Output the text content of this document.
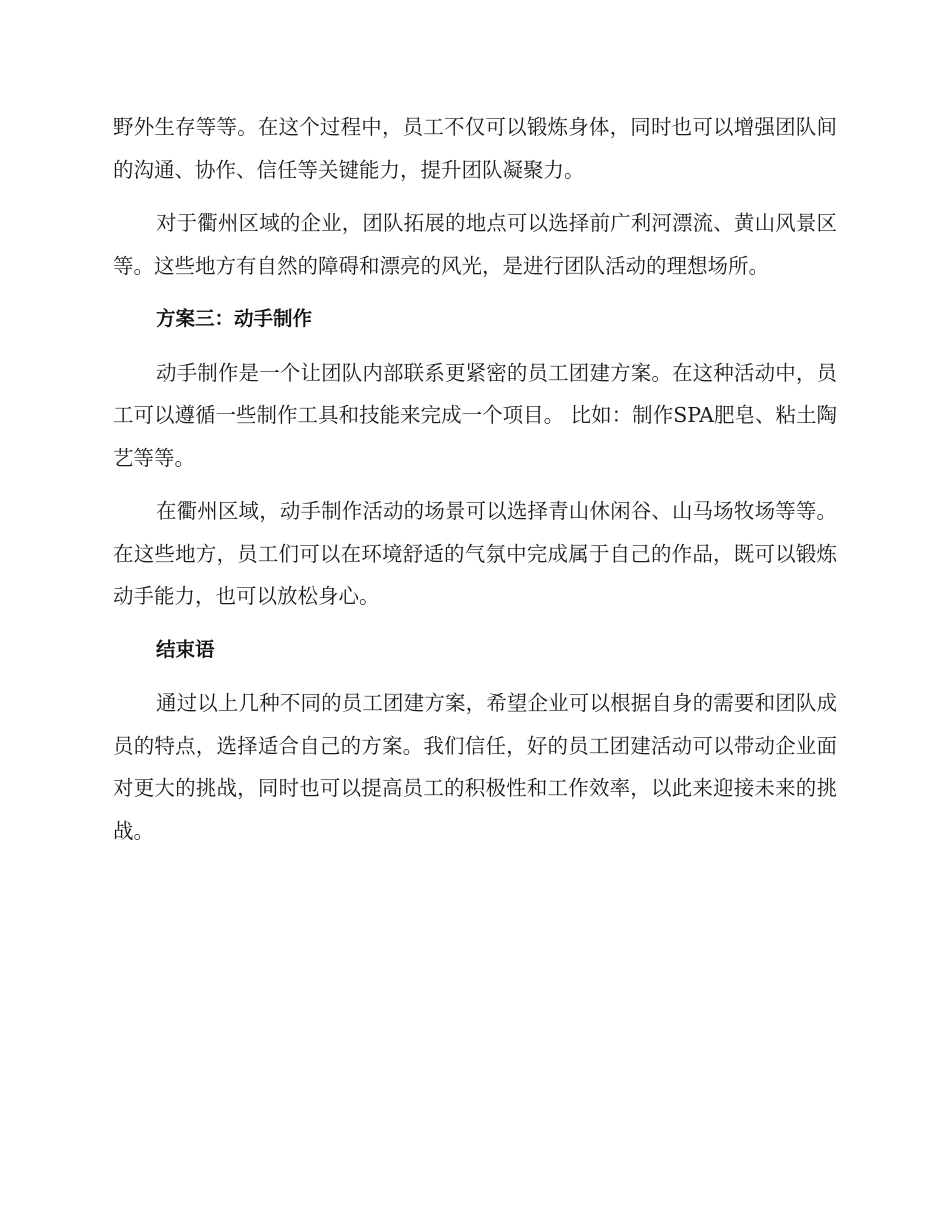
野外生存等等。在这个过程中，员工不仅可以锻炼身体，同时也可以增强团队间的沟通、协作、信任等关键能力，提升团队凝聚力。

对于衢州区域的企业，团队拓展的地点可以选择前广利河漂流、黄山风景区等。这些地方有自然的障碍和漂亮的风光，是进行团队活动的理想场所。

方案三：动手制作

动手制作是一个让团队内部联系更紧密的员工团建方案。在这种活动中，员工可以遵循一些制作工具和技能来完成一个项目。 比如：制作SPA肥皂、粘土陶艺等等。

在衢州区域，动手制作活动的场景可以选择青山休闲谷、山马场牧场等等。在这些地方，员工们可以在环境舒适的气氛中完成属于自己的作品，既可以锻炼动手能力，也可以放松身心。

结束语

通过以上几种不同的员工团建方案，希望企业可以根据自身的需要和团队成员的特点，选择适合自己的方案。我们信任，好的员工团建活动可以带动企业面对更大的挑战，同时也可以提高员工的积极性和工作效率，以此来迎接未来的挑战。
